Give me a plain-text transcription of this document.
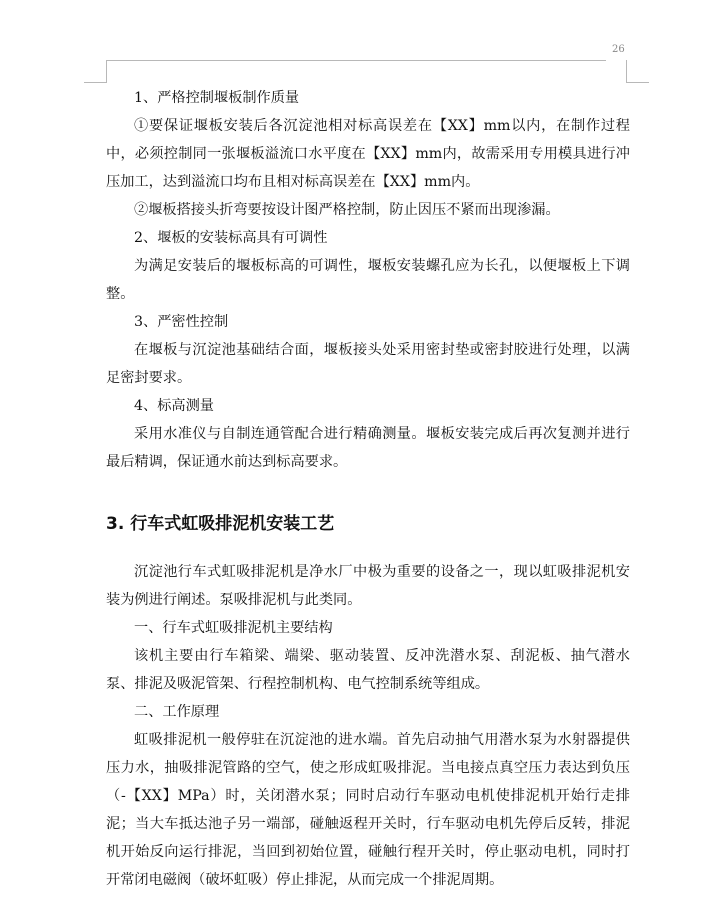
26

1、严格控制堰板制作质量

①要保证堰板安装后各沉淀池相对标高误差在【XX】mm以内，在制作过程中，必须控制同一张堰板溢流口水平度在【XX】mm内，故需采用专用模具进行冲压加工，达到溢流口均布且相对标高误差在【XX】mm内。

②堰板搭接头折弯要按设计图严格控制，防止因压不紧而出现渗漏。

2、堰板的安装标高具有可调性

为满足安装后的堰板标高的可调性，堰板安装螺孔应为长孔，以便堰板上下调整。

3、严密性控制

在堰板与沉淀池基础结合面，堰板接头处采用密封垫或密封胶进行处理，以满足密封要求。

4、标高测量

采用水准仪与自制连通管配合进行精确测量。堰板安装完成后再次复测并进行最后精调，保证通水前达到标高要求。

3. 行车式虹吸排泥机安装工艺

沉淀池行车式虹吸排泥机是净水厂中极为重要的设备之一，现以虹吸排泥机安装为例进行阐述。泵吸排泥机与此类同。

一、行车式虹吸排泥机主要结构

该机主要由行车箱梁、端梁、驱动装置、反冲洗潜水泵、刮泥板、抽气潜水泵、排泥及吸泥管架、行程控制机构、电气控制系统等组成。

二、工作原理

虹吸排泥机一般停驻在沉淀池的进水端。首先启动抽气用潜水泵为水射器提供压力水，抽吸排泥管路的空气，使之形成虹吸排泥。当电接点真空压力表达到负压（-【XX】MPa）时，关闭潜水泵；同时启动行车驱动电机使排泥机开始行走排泥；当大车抵达池子另一端部，碰触返程开关时，行车驱动电机先停后反转，排泥机开始反向运行排泥，当回到初始位置，碰触行程开关时，停止驱动电机，同时打开常闭电磁阀（破坏虹吸）停止排泥，从而完成一个排泥周期。
